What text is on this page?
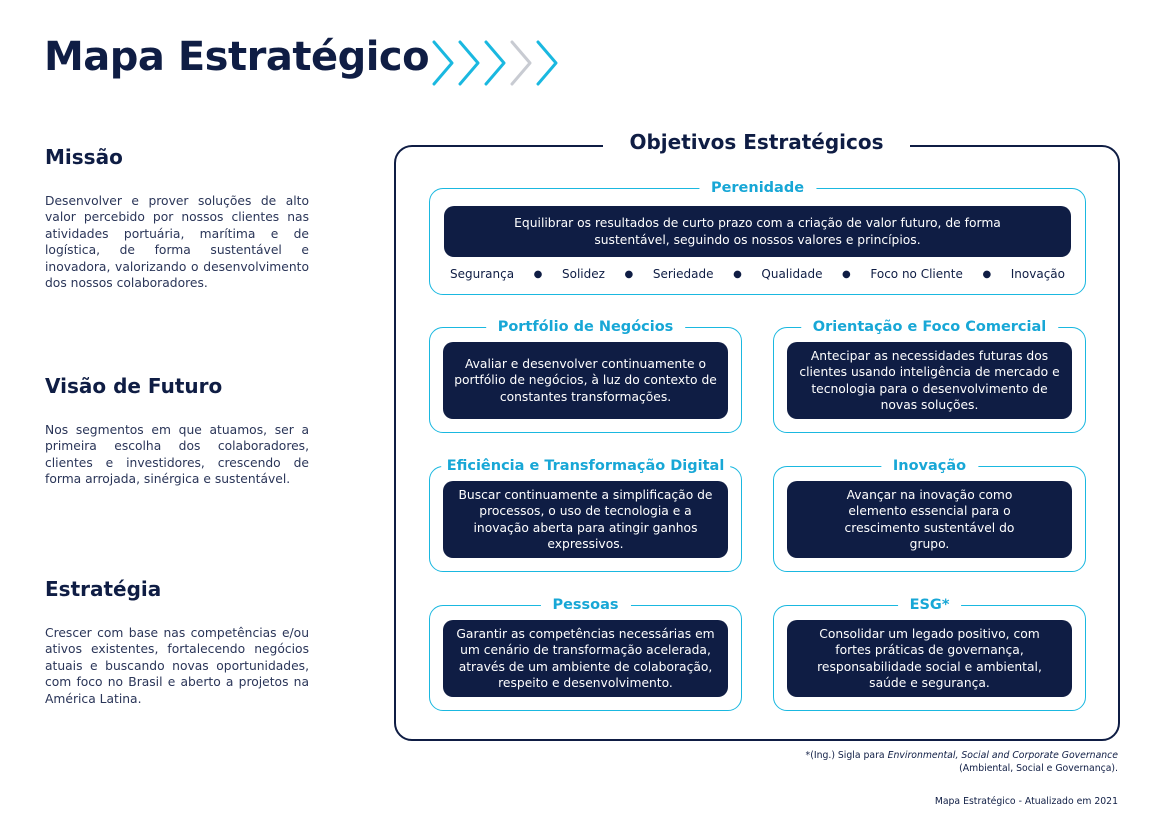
Mapa Estratégico
Missão

Desenvolver e prover soluções de alto valor percebido por nossos clientes nas atividades portuária, marítima e de logística, de forma sustentável e inovadora, valorizando o desenvolvimento dos nossos colaboradores.

Visão de Futuro

Nos segmentos em que atuamos, ser a primeira escolha dos colaboradores, clientes e investidores, crescendo de forma arrojada, sinérgica e sustentável.

Estratégia

Crescer com base nas competências e/ou ativos existentes, fortalecendo negócios atuais e buscando novas oportunidades, com foco no Brasil e aberto a projetos na América Latina.

Objetivos Estratégicos
Perenidade
Equilibrar os resultados de curto prazo com a criação de valor futuro, de forma sustentável, seguindo os nossos valores e princípios.
Segurança ● Solidez ● Seriedade ● Qualidade ● Foco no Cliente ● Inovação
Portfólio de Negócios
Avaliar e desenvolver continuamente o portfólio de negócios, à luz do contexto de constantes transformações.
Orientação e Foco Comercial
Antecipar as necessidades futuras dos clientes usando inteligência de mercado e tecnologia para o desenvolvimento de novas soluções.
Eficiência e Transformação Digital
Buscar continuamente a simplificação de processos, o uso de tecnologia e a inovação aberta para atingir ganhos expressivos.
Inovação
Avançar na inovação como elemento essencial para o crescimento sustentável do grupo.
Pessoas
Garantir as competências necessárias em um cenário de transformação acelerada, através de um ambiente de colaboração, respeito e desenvolvimento.
ESG*
Consolidar um legado positivo, com fortes práticas de governança, responsabilidade social e ambiental, saúde e segurança.
*(Ing.) Sigla para Environmental, Social and Corporate Governance
(Ambiental, Social e Governança).
Mapa Estratégico - Atualizado em 2021
